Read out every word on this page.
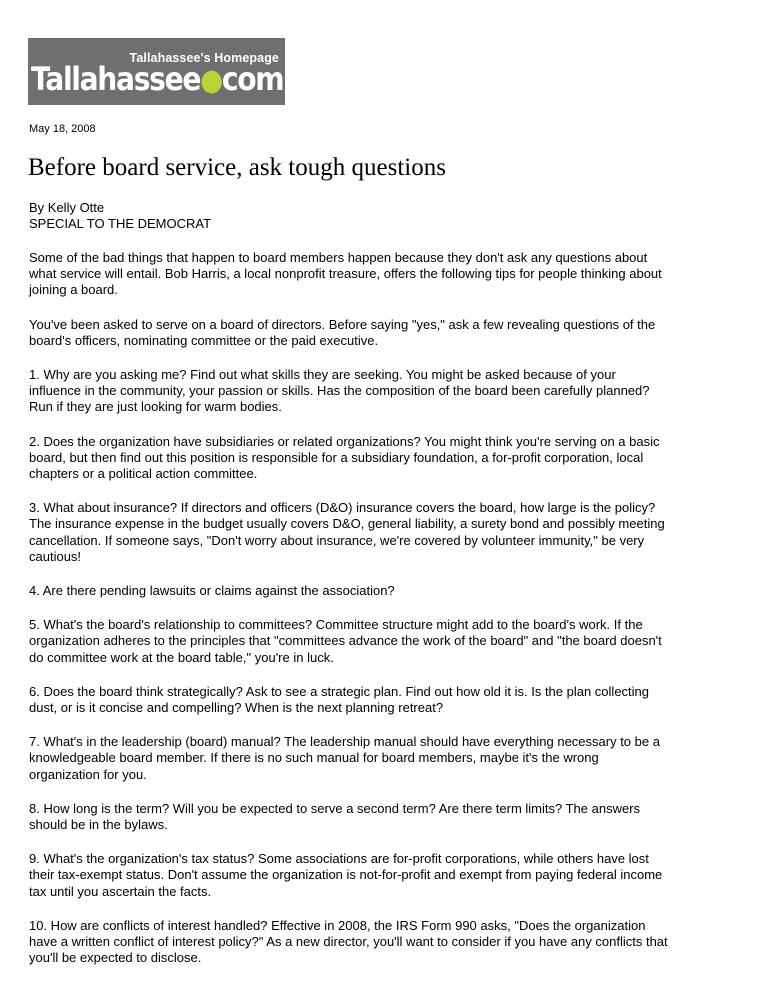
Tallahassee's Homepage
Tallahassee●com
May 18, 2008
Before board service, ask tough questions
By Kelly Otte
SPECIAL TO THE DEMOCRAT

Some of the bad things that happen to board members happen because they don't ask any questions about what service will entail. Bob Harris, a local nonprofit treasure, offers the following tips for people thinking about joining a board.

You've been asked to serve on a board of directors. Before saying "yes," ask a few revealing questions of the board's officers, nominating committee or the paid executive.

1. Why are you asking me? Find out what skills they are seeking. You might be asked because of your influence in the community, your passion or skills. Has the composition of the board been carefully planned? Run if they are just looking for warm bodies.

2. Does the organization have subsidiaries or related organizations? You might think you're serving on a basic board, but then find out this position is responsible for a subsidiary foundation, a for-profit corporation, local chapters or a political action committee.

3. What about insurance? If directors and officers (D&O) insurance covers the board, how large is the policy? The insurance expense in the budget usually covers D&O, general liability, a surety bond and possibly meeting cancellation. If someone says, "Don't worry about insurance, we're covered by volunteer immunity," be very cautious!

4. Are there pending lawsuits or claims against the association?

5. What's the board's relationship to committees? Committee structure might add to the board's work. If the organization adheres to the principles that "committees advance the work of the board" and "the board doesn't do committee work at the board table," you're in luck.

6. Does the board think strategically? Ask to see a strategic plan. Find out how old it is. Is the plan collecting dust, or is it concise and compelling? When is the next planning retreat?

7. What's in the leadership (board) manual? The leadership manual should have everything necessary to be a knowledgeable board member. If there is no such manual for board members, maybe it's the wrong organization for you.

8. How long is the term? Will you be expected to serve a second term? Are there term limits? The answers should be in the bylaws.

9. What's the organization's tax status? Some associations are for-profit corporations, while others have lost their tax-exempt status. Don't assume the organization is not-for-profit and exempt from paying federal income tax until you ascertain the facts.

10. How are conflicts of interest handled? Effective in 2008, the IRS Form 990 asks, "Does the organization have a written conflict of interest policy?" As a new director, you'll want to consider if you have any conflicts that you'll be expected to disclose.
